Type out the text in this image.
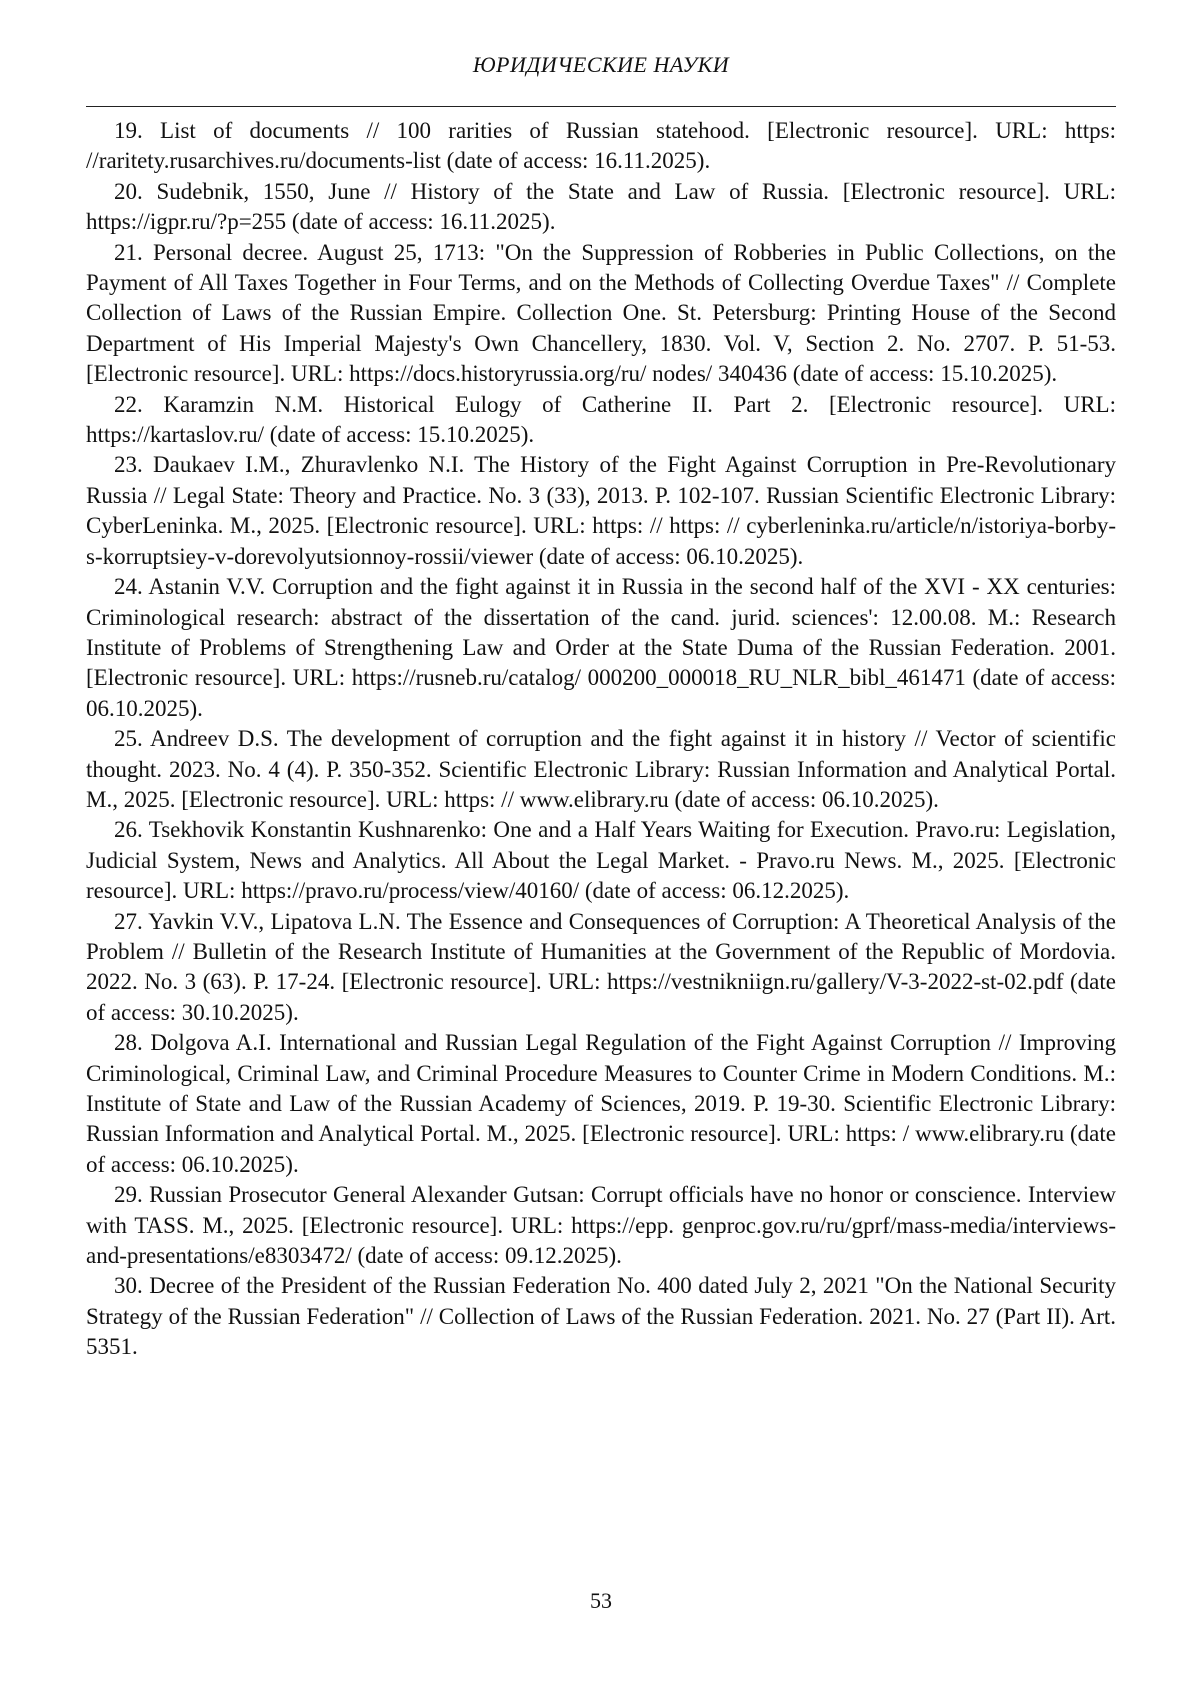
ЮРИДИЧЕСКИЕ НАУКИ
19. List of documents // 100 rarities of Russian statehood. [Electronic resource]. URL: https: //raritety.rusarchives.ru/documents-list (date of access: 16.11.2025).
20. Sudebnik, 1550, June // History of the State and Law of Russia. [Electronic resource]. URL: https://igpr.ru/?p=255 (date of access: 16.11.2025).
21. Personal decree. August 25, 1713: "On the Suppression of Robberies in Public Collections, on the Payment of All Taxes Together in Four Terms, and on the Methods of Collecting Overdue Taxes" // Complete Collection of Laws of the Russian Empire. Collection One. St. Petersburg: Printing House of the Second Department of His Imperial Majesty's Own Chancellery, 1830. Vol. V, Section 2. No. 2707. P. 51-53. [Electronic resource]. URL: https://docs.historyrussia.org/ru/ nodes/ 340436 (date of access: 15.10.2025).
22. Karamzin N.M. Historical Eulogy of Catherine II. Part 2. [Electronic resource]. URL: https://kartaslov.ru/ (date of access: 15.10.2025).
23. Daukaev I.M., Zhuravlenko N.I. The History of the Fight Against Corruption in Pre-Revolutionary Russia // Legal State: Theory and Practice. No. 3 (33), 2013. P. 102-107. Russian Scientific Electronic Library: CyberLeninka. M., 2025. [Electronic resource]. URL: https: // https: // cyberleninka.ru/article/n/istoriya-borby-s-korruptsiey-v-dorevolyutsionnoy-rossii/viewer (date of access: 06.10.2025).
24. Astanin V.V. Corruption and the fight against it in Russia in the second half of the XVI - XX centuries: Criminological research: abstract of the dissertation of the cand. jurid. sciences': 12.00.08. M.: Research Institute of Problems of Strengthening Law and Order at the State Duma of the Russian Federation. 2001. [Electronic resource]. URL: https://rusneb.ru/catalog/ 000200_000018_RU_NLR_bibl_461471 (date of access: 06.10.2025).
25. Andreev D.S. The development of corruption and the fight against it in history // Vector of scientific thought. 2023. No. 4 (4). P. 350-352. Scientific Electronic Library: Russian Information and Analytical Portal. M., 2025. [Electronic resource]. URL: https: // www.elibrary.ru (date of access: 06.10.2025).
26. Tsekhovik Konstantin Kushnarenko: One and a Half Years Waiting for Execution. Pravo.ru: Legislation, Judicial System, News and Analytics. All About the Legal Market. - Pravo.ru News. M., 2025. [Electronic resource]. URL: https://pravo.ru/process/view/40160/ (date of access: 06.12.2025).
27. Yavkin V.V., Lipatova L.N. The Essence and Consequences of Corruption: A Theoretical Analysis of the Problem // Bulletin of the Research Institute of Humanities at the Government of the Republic of Mordovia. 2022. No. 3 (63). P. 17-24. [Electronic resource]. URL: https://vestnikniign.ru/gallery/V-3-2022-st-02.pdf (date of access: 30.10.2025).
28. Dolgova A.I. International and Russian Legal Regulation of the Fight Against Corruption // Improving Criminological, Criminal Law, and Criminal Procedure Measures to Counter Crime in Modern Conditions. M.: Institute of State and Law of the Russian Academy of Sciences, 2019. P. 19-30. Scientific Electronic Library: Russian Information and Analytical Portal. M., 2025. [Electronic resource]. URL: https: / www.elibrary.ru (date of access: 06.10.2025).
29. Russian Prosecutor General Alexander Gutsan: Corrupt officials have no honor or conscience. Interview with TASS. M., 2025. [Electronic resource]. URL: https://epp. genproc.gov.ru/ru/gprf/mass-media/interviews-and-presentations/e8303472/ (date of access: 09.12.2025).
30. Decree of the President of the Russian Federation No. 400 dated July 2, 2021 "On the National Security Strategy of the Russian Federation" // Collection of Laws of the Russian Federation. 2021. No. 27 (Part II). Art. 5351.
53
